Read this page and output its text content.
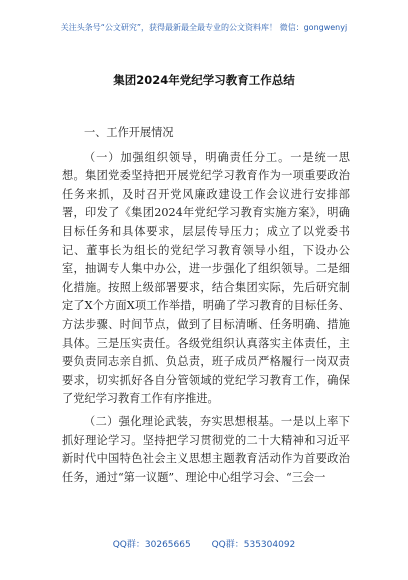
关注头条号“公文研究”，获得最新最全最专业的公文资料库！ 微信：gongwenyj
集团2024年党纪学习教育工作总结

一、工作开展情况

（一）加强组织领导，明确责任分工。一是统一思想。集团党委坚持把开展党纪学习教育作为一项重要政治任务来抓，及时召开党风廉政建设工作会议进行安排部署，印发了《集团2024年党纪学习教育实施方案》，明确目标任务和具体要求，层层传导压力；成立了以党委书记、董事长为组长的党纪学习教育领导小组，下设办公室，抽调专人集中办公，进一步强化了组织领导。二是细化措施。按照上级部署要求，结合集团实际，先后研究制定了X个方面X项工作举措，明确了学习教育的目标任务、方法步骤、时间节点，做到了目标清晰、任务明确、措施具体。三是压实责任。各级党组织认真落实主体责任，主要负责同志亲自抓、负总责，班子成员严格履行一岗双责要求，切实抓好各自分管领域的党纪学习教育工作，确保了党纪学习教育工作有序推进。

（二）强化理论武装，夯实思想根基。一是以上率下抓好理论学习。坚持把学习贯彻党的二十大精神和习近平新时代中国特色社会主义思想主题教育活动作为首要政治任务，通过“第一议题”、理论中心组学习会、“三会一

QQ群：30265665 QQ群：535304092
